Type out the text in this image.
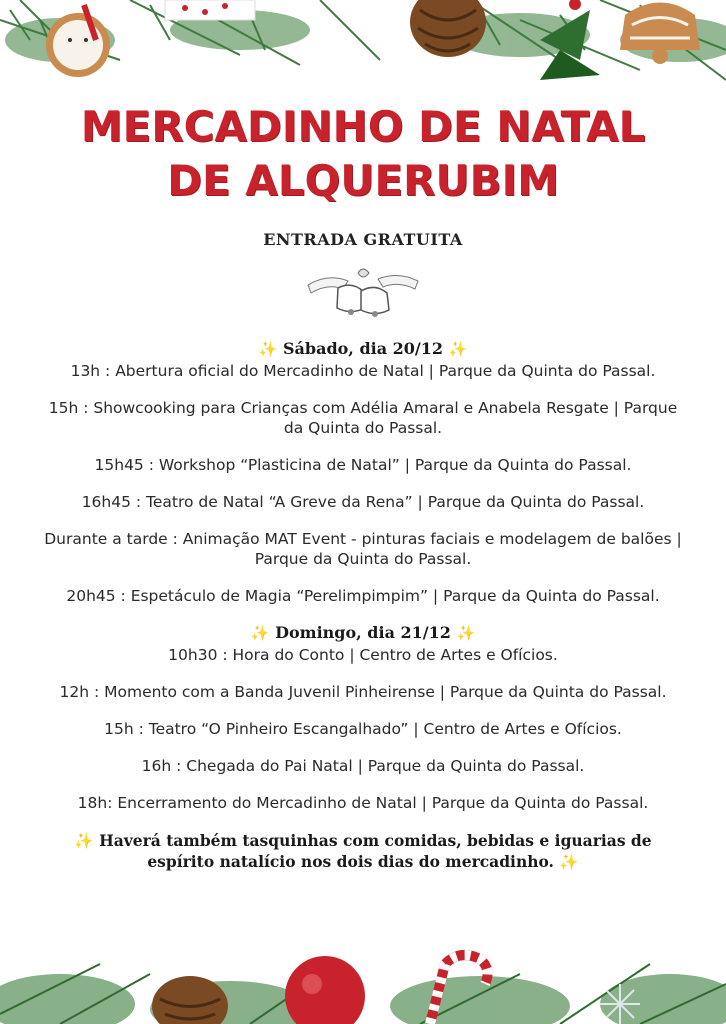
MERCADINHO DE NATAL
DE ALQUERUBIM
ENTRADA GRATUITA
✨ Sábado, dia 20/12 ✨
13h : Abertura oficial do Mercadinho de Natal | Parque da Quinta do Passal.
15h : Showcooking para Crianças com Adélia Amaral e Anabela Resgate | Parque da Quinta do Passal.
15h45 : Workshop “Plasticina de Natal” | Parque da Quinta do Passal.
16h45 : Teatro de Natal “A Greve da Rena” | Parque da Quinta do Passal.
Durante a tarde : Animação MAT Event - pinturas faciais e modelagem de balões | Parque da Quinta do Passal.
20h45 : Espetáculo de Magia “Perelimpimpim” | Parque da Quinta do Passal.
✨ Domingo, dia 21/12 ✨
10h30 : Hora do Conto | Centro de Artes e Ofícios.
12h : Momento com a Banda Juvenil Pinheirense | Parque da Quinta do Passal.
15h : Teatro “O Pinheiro Escangalhado” | Centro de Artes e Ofícios.
16h : Chegada do Pai Natal | Parque da Quinta do Passal.
18h: Encerramento do Mercadinho de Natal | Parque da Quinta do Passal.
✨ Haverá também tasquinhas com comidas, bebidas e iguarias de espírito natalício nos dois dias do mercadinho. ✨
